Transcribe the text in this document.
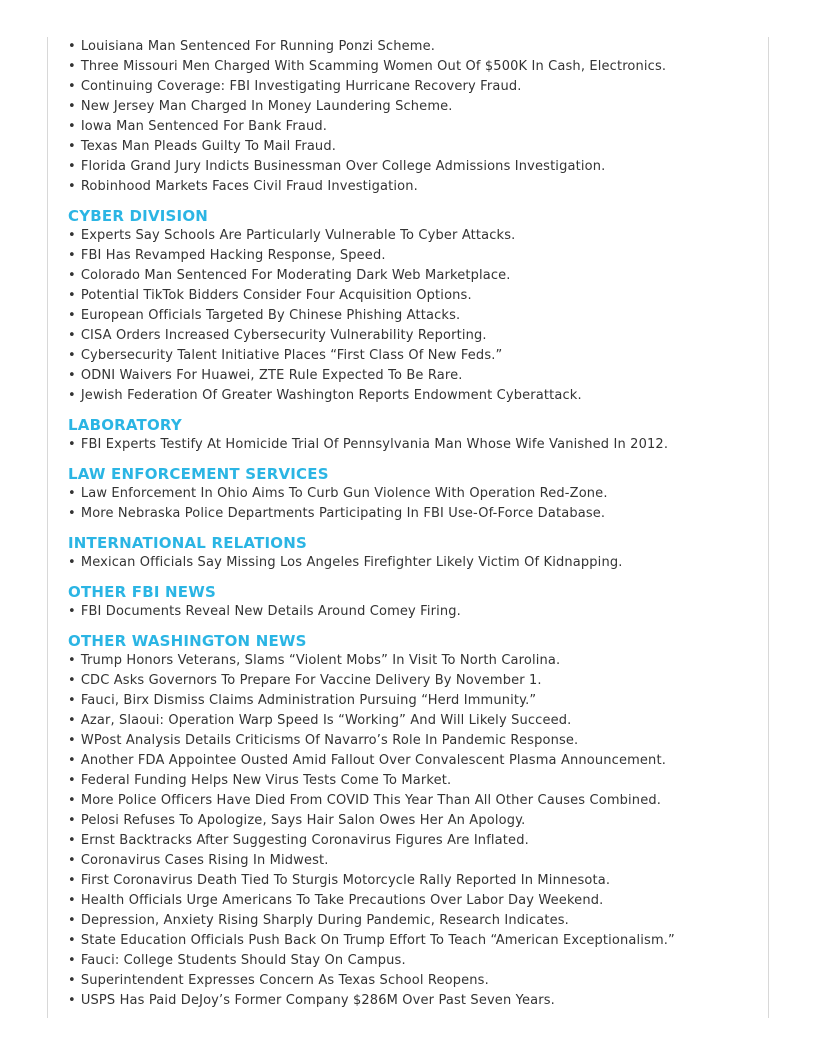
• Louisiana Man Sentenced For Running Ponzi Scheme.
• Three Missouri Men Charged With Scamming Women Out Of $500K In Cash, Electronics.
• Continuing Coverage: FBI Investigating Hurricane Recovery Fraud.
• New Jersey Man Charged In Money Laundering Scheme.
• Iowa Man Sentenced For Bank Fraud.
• Texas Man Pleads Guilty To Mail Fraud.
• Florida Grand Jury Indicts Businessman Over College Admissions Investigation.
• Robinhood Markets Faces Civil Fraud Investigation.
CYBER DIVISION
• Experts Say Schools Are Particularly Vulnerable To Cyber Attacks.
• FBI Has Revamped Hacking Response, Speed.
• Colorado Man Sentenced For Moderating Dark Web Marketplace.
• Potential TikTok Bidders Consider Four Acquisition Options.
• European Officials Targeted By Chinese Phishing Attacks.
• CISA Orders Increased Cybersecurity Vulnerability Reporting.
• Cybersecurity Talent Initiative Places “First Class Of New Feds.”
• ODNI Waivers For Huawei, ZTE Rule Expected To Be Rare.
• Jewish Federation Of Greater Washington Reports Endowment Cyberattack.
LABORATORY
• FBI Experts Testify At Homicide Trial Of Pennsylvania Man Whose Wife Vanished In 2012.
LAW ENFORCEMENT SERVICES
• Law Enforcement In Ohio Aims To Curb Gun Violence With Operation Red-Zone.
• More Nebraska Police Departments Participating In FBI Use-Of-Force Database.
INTERNATIONAL RELATIONS
• Mexican Officials Say Missing Los Angeles Firefighter Likely Victim Of Kidnapping.
OTHER FBI NEWS
• FBI Documents Reveal New Details Around Comey Firing.
OTHER WASHINGTON NEWS
• Trump Honors Veterans, Slams “Violent Mobs” In Visit To North Carolina.
• CDC Asks Governors To Prepare For Vaccine Delivery By November 1.
• Fauci, Birx Dismiss Claims Administration Pursuing “Herd Immunity.”
• Azar, Slaoui: Operation Warp Speed Is “Working” And Will Likely Succeed.
• WPost Analysis Details Criticisms Of Navarro’s Role In Pandemic Response.
• Another FDA Appointee Ousted Amid Fallout Over Convalescent Plasma Announcement.
• Federal Funding Helps New Virus Tests Come To Market.
• More Police Officers Have Died From COVID This Year Than All Other Causes Combined.
• Pelosi Refuses To Apologize, Says Hair Salon Owes Her An Apology.
• Ernst Backtracks After Suggesting Coronavirus Figures Are Inflated.
• Coronavirus Cases Rising In Midwest.
• First Coronavirus Death Tied To Sturgis Motorcycle Rally Reported In Minnesota.
• Health Officials Urge Americans To Take Precautions Over Labor Day Weekend.
• Depression, Anxiety Rising Sharply During Pandemic, Research Indicates.
• State Education Officials Push Back On Trump Effort To Teach “American Exceptionalism.”
• Fauci: College Students Should Stay On Campus.
• Superintendent Expresses Concern As Texas School Reopens.
• USPS Has Paid DeJoy’s Former Company $286M Over Past Seven Years.
